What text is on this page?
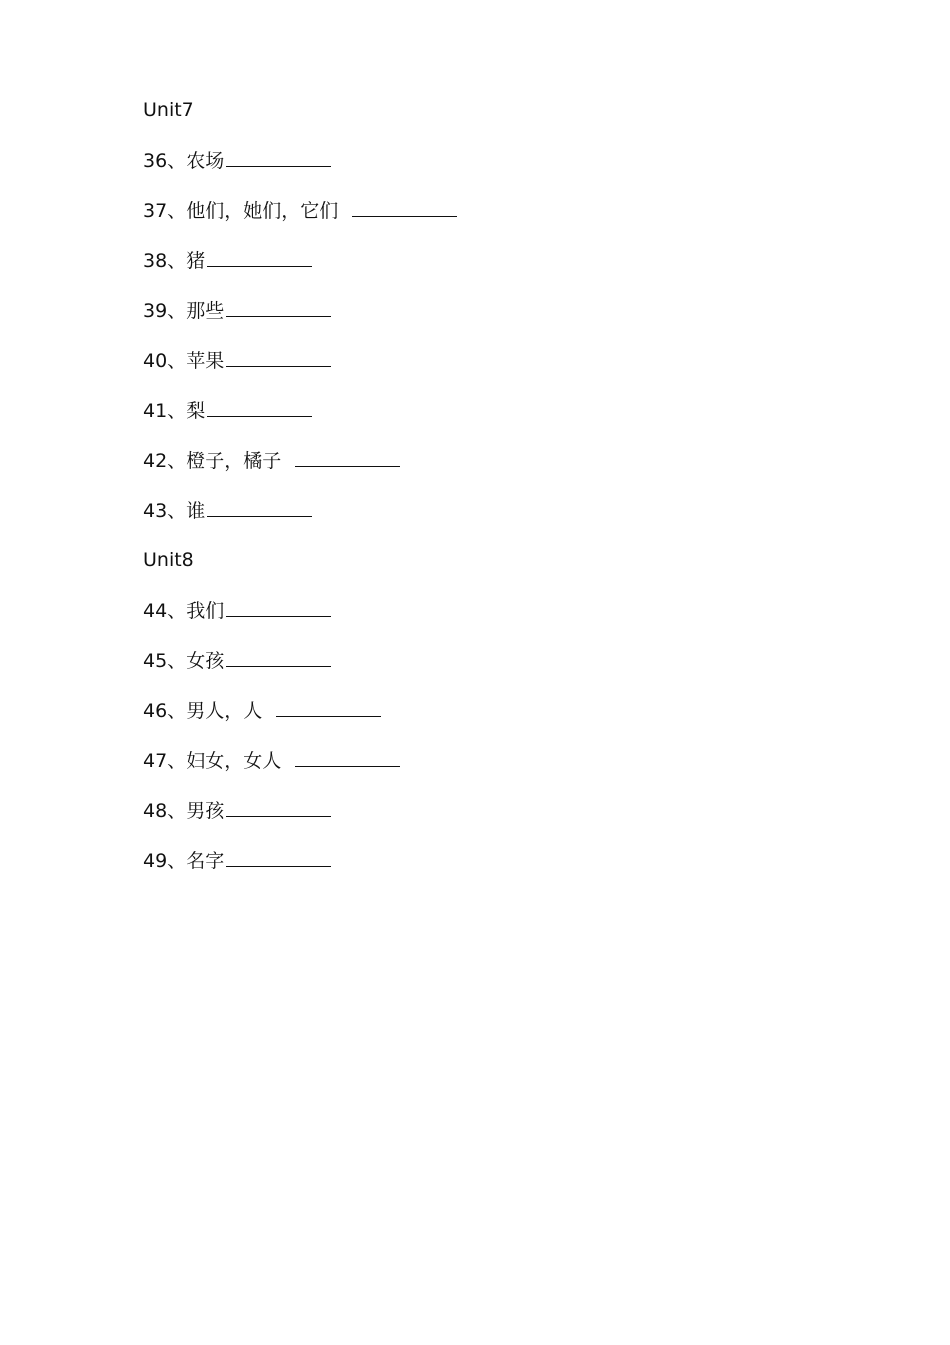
Unit7
36、农场
37、他们，她们，它们
38、猪
39、那些
40、苹果
41、梨
42、橙子，橘子
43、谁
Unit8
44、我们
45、女孩
46、男人，人
47、妇女，女人
48、男孩
49、名字
